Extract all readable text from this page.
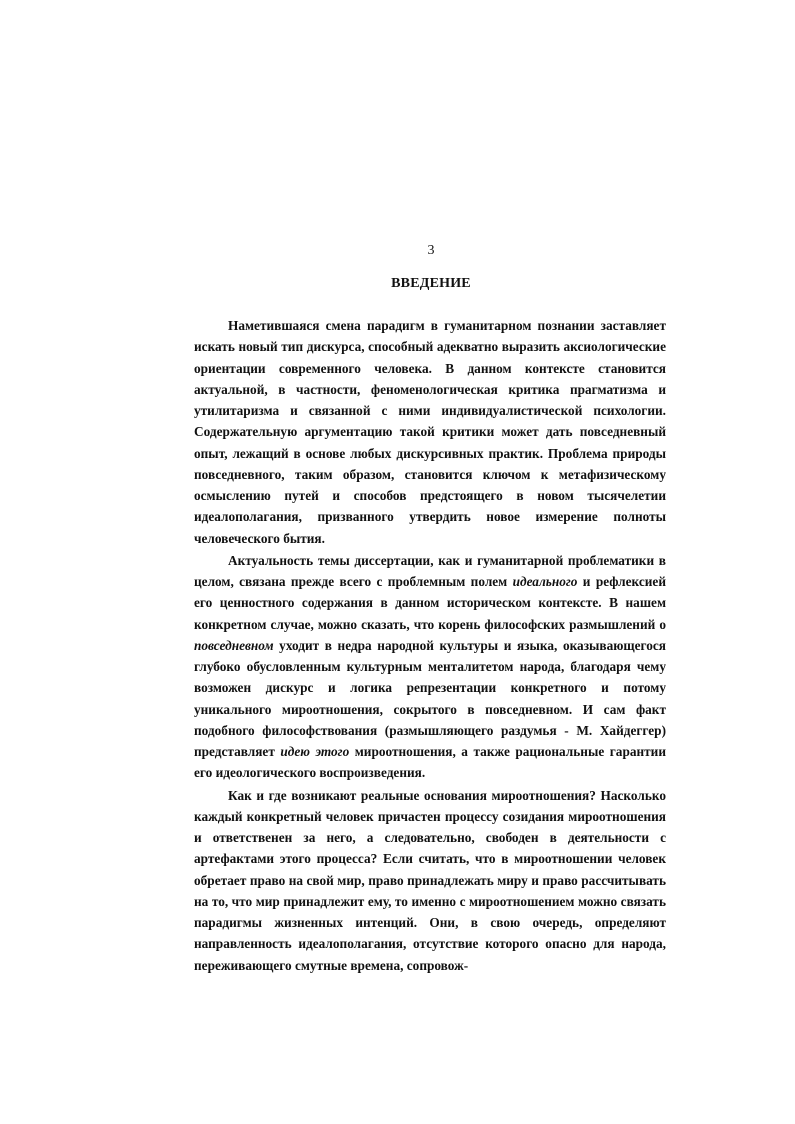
3
ВВЕДЕНИЕ

Наметившаяся смена парадигм в гуманитарном познании заставляет искать новый тип дискурса, способный адекватно выразить аксиологические ориентации современного человека. В данном контексте становится актуальной, в частности, феноменологическая критика прагматизма и утилитаризма и связанной с ними индивидуалистической психологии. Содержательную аргументацию такой критики может дать повседневный опыт, лежащий в основе любых дискурсивных практик. Проблема природы повседневного, таким образом, становится ключом к метафизическому осмыслению путей и способов предстоящего в новом тысячелетии идеалополагания, призванного утвердить новое измерение полноты человеческого бытия.

Актуальность темы диссертации, как и гуманитарной проблематики в целом, связана прежде всего с проблемным полем идеального и рефлексией его ценностного содержания в данном историческом контексте. В нашем конкретном случае, можно сказать, что корень философских размышлений о повседневном уходит в недра народной культуры и языка, оказывающегося глубоко обусловленным культурным менталитетом народа, благодаря чему возможен дискурс и логика репрезентации конкретного и потому уникального мироотношения, сокрытого в повседневном. И сам факт подобного философствования (размышляющего раздумья - М. Хайдеггер) представляет идею этого мироотношения, а также рациональные гарантии его идеологического воспроизведения.

Как и где возникают реальные основания мироотношения? Насколько каждый конкретный человек причастен процессу созидания мироотношения и ответственен за него, а следовательно, свободен в деятельности с артефактами этого процесса? Если считать, что в мироотношении человек обретает право на свой мир, право принадлежать миру и право рассчитывать на то, что мир принадлежит ему, то именно с мироотношением можно связать парадигмы жизненных интенций. Они, в свою очередь, определяют направленность идеалополагания, отсутствие которого опасно для народа, переживающего смутные времена, сопровож-
